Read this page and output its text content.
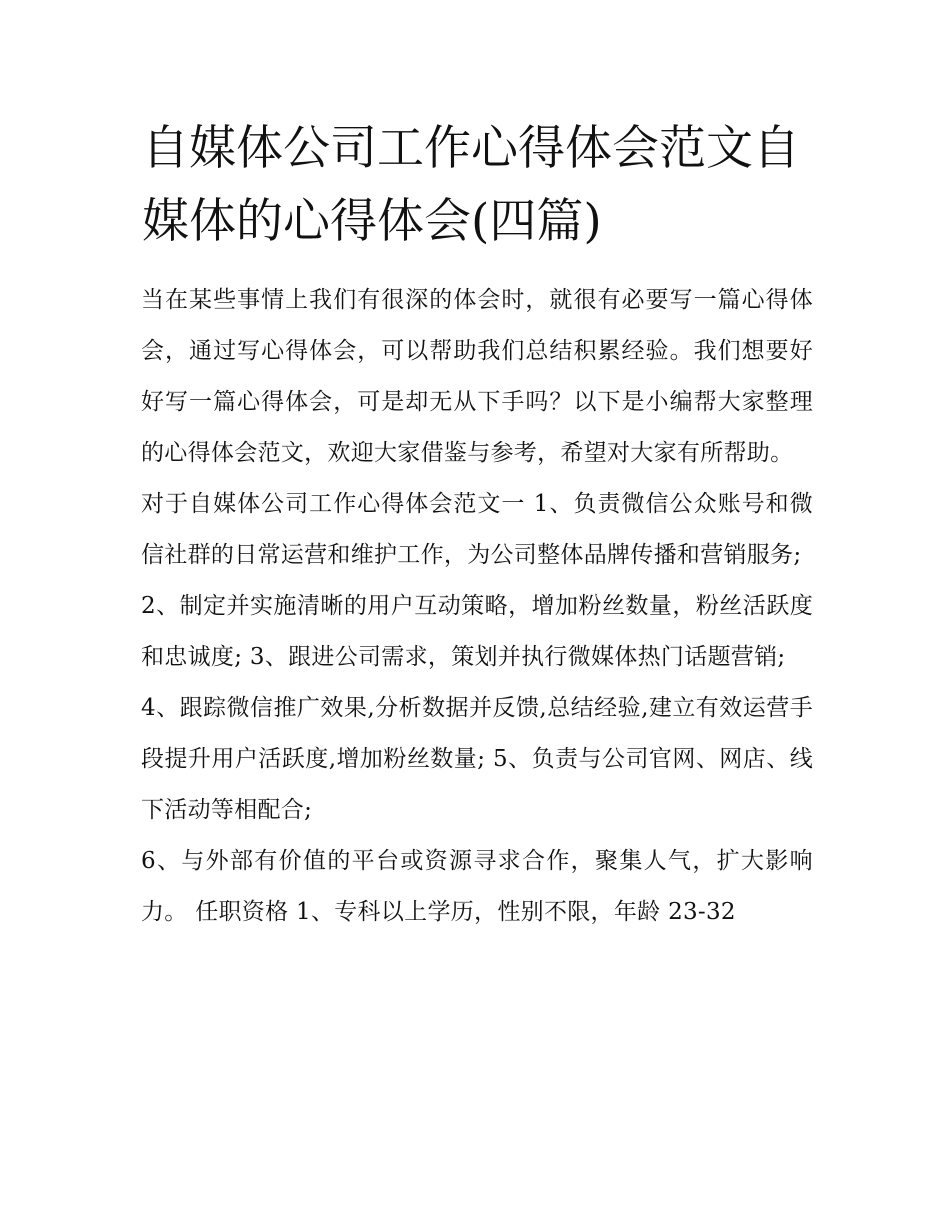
自媒体公司工作心得体会范文自媒体的心得体会(四篇)

当在某些事情上我们有很深的体会时，就很有必要写一篇心得体会，通过写心得体会，可以帮助我们总结积累经验。我们想要好好写一篇心得体会，可是却无从下手吗？以下是小编帮大家整理的心得体会范文，欢迎大家借鉴与参考，希望对大家有所帮助。

对于自媒体公司工作心得体会范文一 1、负责微信公众账号和微信社群的日常运营和维护工作，为公司整体品牌传播和营销服务;

2、制定并实施清晰的用户互动策略，增加粉丝数量，粉丝活跃度和忠诚度; 3、跟进公司需求，策划并执行微媒体热门话题营销;

4、跟踪微信推广效果,分析数据并反馈,总结经验,建立有效运营手段提升用户活跃度,增加粉丝数量; 5、负责与公司官网、网店、线下活动等相配合;

6、与外部有价值的平台或资源寻求合作，聚集人气，扩大影响力。 任职资格 1、专科以上学历，性别不限，年龄 23-32
